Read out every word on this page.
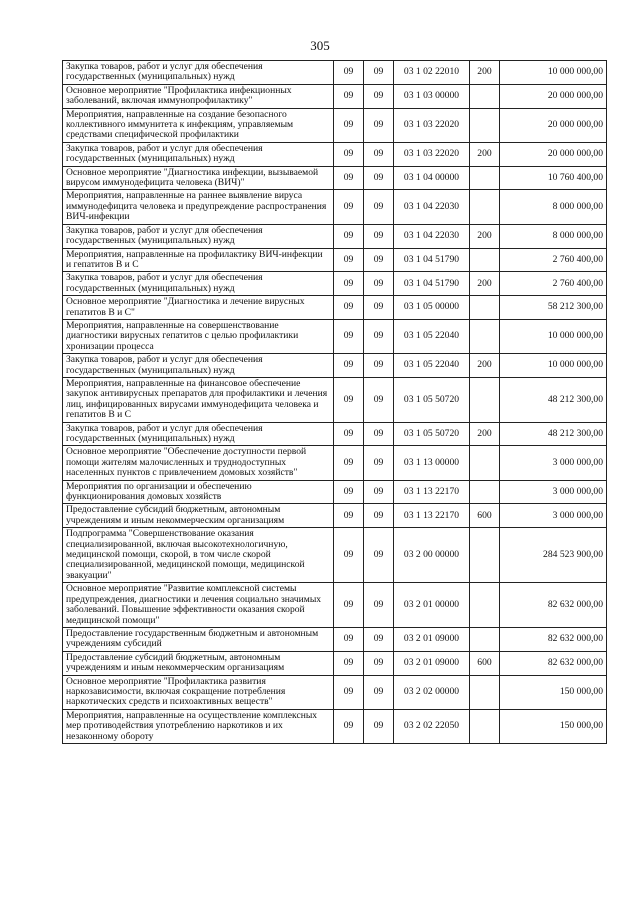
305
Закупка товаров, работ и услуг для обеспечения государственных (муниципальных) нужд	09	09	03 1 02 22010	200	10 000 000,00
Основное мероприятие "Профилактика инфекционных заболеваний, включая иммунопрофилактику"	09	09	03 1 03 00000		20 000 000,00
Мероприятия, направленные на создание безопасного коллективного иммунитета к инфекциям, управляемым средствами специфической профилактики	09	09	03 1 03 22020		20 000 000,00
Закупка товаров, работ и услуг для обеспечения государственных (муниципальных) нужд	09	09	03 1 03 22020	200	20 000 000,00
Основное мероприятие "Диагностика инфекции, вызываемой вирусом иммунодефицита человека (ВИЧ)"	09	09	03 1 04 00000		10 760 400,00
Мероприятия, направленные на раннее выявление вируса иммунодефицита человека и предупреждение распространения ВИЧ-инфекции	09	09	03 1 04 22030		8 000 000,00
Закупка товаров, работ и услуг для обеспечения государственных (муниципальных) нужд	09	09	03 1 04 22030	200	8 000 000,00
Мероприятия, направленные на профилактику ВИЧ-инфекции и гепатитов В и С	09	09	03 1 04 51790		2 760 400,00
Закупка товаров, работ и услуг для обеспечения государственных (муниципальных) нужд	09	09	03 1 04 51790	200	2 760 400,00
Основное мероприятие "Диагностика и лечение вирусных гепатитов В и С"	09	09	03 1 05 00000		58 212 300,00
Мероприятия, направленные на совершенствование диагностики вирусных гепатитов с целью профилактики хронизации процесса	09	09	03 1 05 22040		10 000 000,00
Закупка товаров, работ и услуг для обеспечения государственных (муниципальных) нужд	09	09	03 1 05 22040	200	10 000 000,00
Мероприятия, направленные на финансовое обеспечение закупок антивирусных препаратов для профилактики и лечения лиц, инфицированных вирусами иммунодефицита человека и гепатитов В и С	09	09	03 1 05 50720		48 212 300,00
Закупка товаров, работ и услуг для обеспечения государственных (муниципальных) нужд	09	09	03 1 05 50720	200	48 212 300,00
Основное мероприятие "Обеспечение доступности первой помощи жителям малочисленных и труднодоступных населенных пунктов с привлечением домовых хозяйств"	09	09	03 1 13 00000		3 000 000,00
Мероприятия по организации и обеспечению функционирования домовых хозяйств	09	09	03 1 13 22170		3 000 000,00
Предоставление субсидий бюджетным, автономным учреждениям и иным некоммерческим организациям	09	09	03 1 13 22170	600	3 000 000,00
Подпрограмма "Совершенствование оказания специализированной, включая высокотехнологичную, медицинской помощи, скорой, в том числе скорой специализированной, медицинской помощи, медицинской эвакуации"	09	09	03 2 00 00000		284 523 900,00
Основное мероприятие "Развитие комплексной системы предупреждения, диагностики и лечения социально значимых заболеваний. Повышение эффективности оказания скорой медицинской помощи"	09	09	03 2 01 00000		82 632 000,00
Предоставление государственным бюджетным и автономным учреждениям субсидий	09	09	03 2 01 09000		82 632 000,00
Предоставление субсидий бюджетным, автономным учреждениям и иным некоммерческим организациям	09	09	03 2 01 09000	600	82 632 000,00
Основное мероприятие "Профилактика развития наркозависимости, включая сокращение потребления наркотических средств и психоактивных веществ"	09	09	03 2 02 00000		150 000,00
Мероприятия, направленные на осуществление комплексных мер противодействия употреблению наркотиков и их незаконному обороту	09	09	03 2 02 22050		150 000,00
